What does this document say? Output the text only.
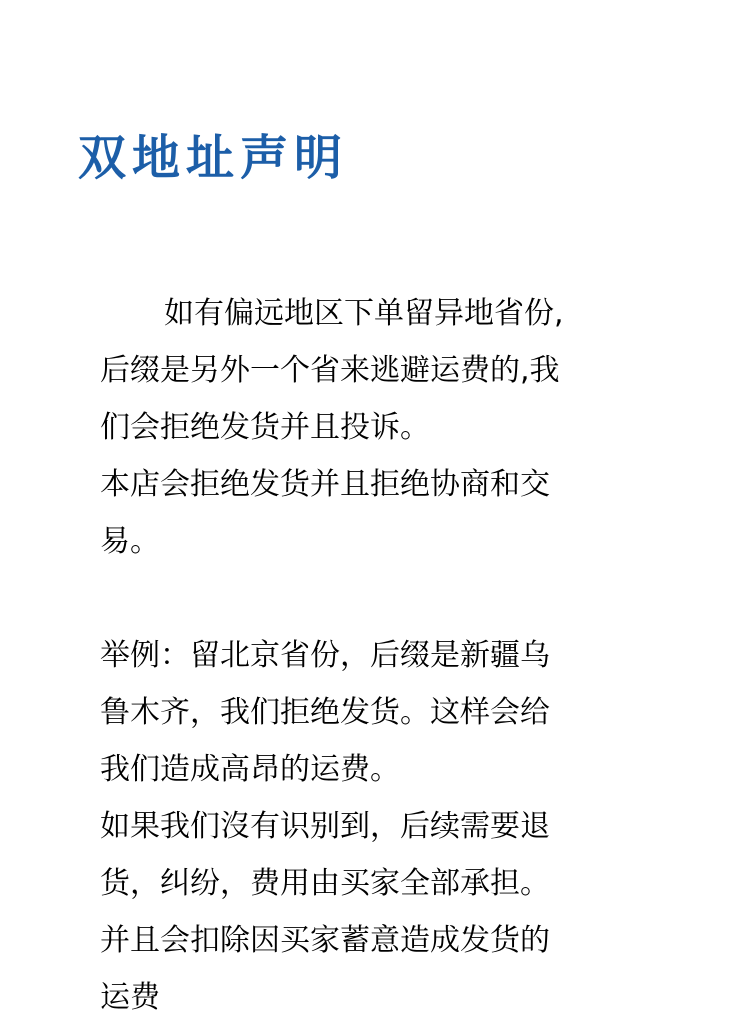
双地址声明
如有偏远地区下单留异地省份,
后缀是另外一个省来逃避运费的,我
们会拒绝发货并且投诉。
本店会拒绝发货并且拒绝协商和交
易。
举例：留北京省份，后缀是新疆乌
鲁木齐，我们拒绝发货。这样会给
我们造成高昂的运费。
如果我们沒有识别到，后续需要退
货，纠纷，费用由买家全部承担。
并且会扣除因买家蓄意造成发货的
运费
